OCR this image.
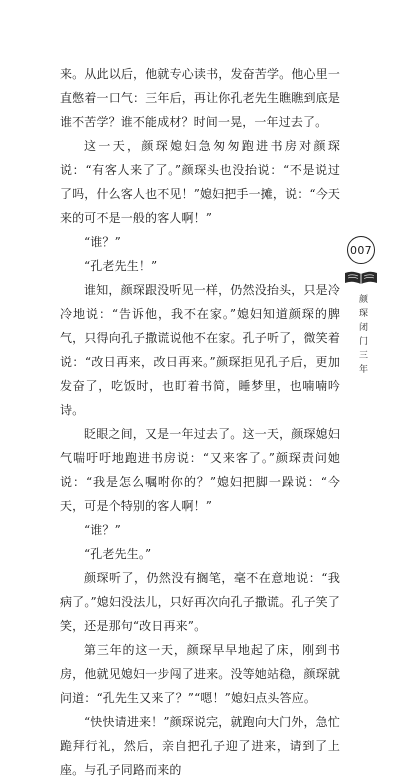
来。从此以后，他就专心读书，发奋苦学。他心里一直憋着一口气：三年后，再让你孔老先生瞧瞧到底是谁不苦学？谁不能成材？时间一晃，一年过去了。

这一天，颜琛媳妇急匆匆跑进书房对颜琛说：“有客人来了了。”颜琛头也没抬说：“不是说过了吗，什么客人也不见！”媳妇把手一摊，说：“今天来的可不是一般的客人啊！”

“谁？”

“孔老先生！”

谁知，颜琛跟没听见一样，仍然没抬头，只是冷冷地说：“告诉他，我不在家。”媳妇知道颜琛的脾气，只得向孔子撒谎说他不在家。孔子听了，微笑着说：“改日再来，改日再来。”颜琛拒见孔子后，更加发奋了，吃饭时，也盯着书简，睡梦里，也喃喃吟诗。

眨眼之间，又是一年过去了。这一天，颜琛媳妇气喘吁吁地跑进书房说：“又来客了。”颜琛责问她说：“我是怎么嘱咐你的？”媳妇把脚一跺说：“今天，可是个特别的客人啊！”

“谁？”

“孔老先生。”

颜琛听了，仍然没有搁笔，毫不在意地说：“我病了。”媳妇没法儿，只好再次向孔子撒谎。孔子笑了笑，还是那句“改日再来”。

第三年的这一天，颜琛早早地起了床，刚到书房，他就见媳妇一步闯了进来。没等她站稳，颜琛就问道：“孔先生又来了？”“嗯！”媳妇点头答应。

“快快请进来！”颜琛说完，就跑向大门外，急忙跪拜行礼，然后，亲自把孔子迎了进来，请到了上座。与孔子同路而来的

007
颜琛闭门三年
